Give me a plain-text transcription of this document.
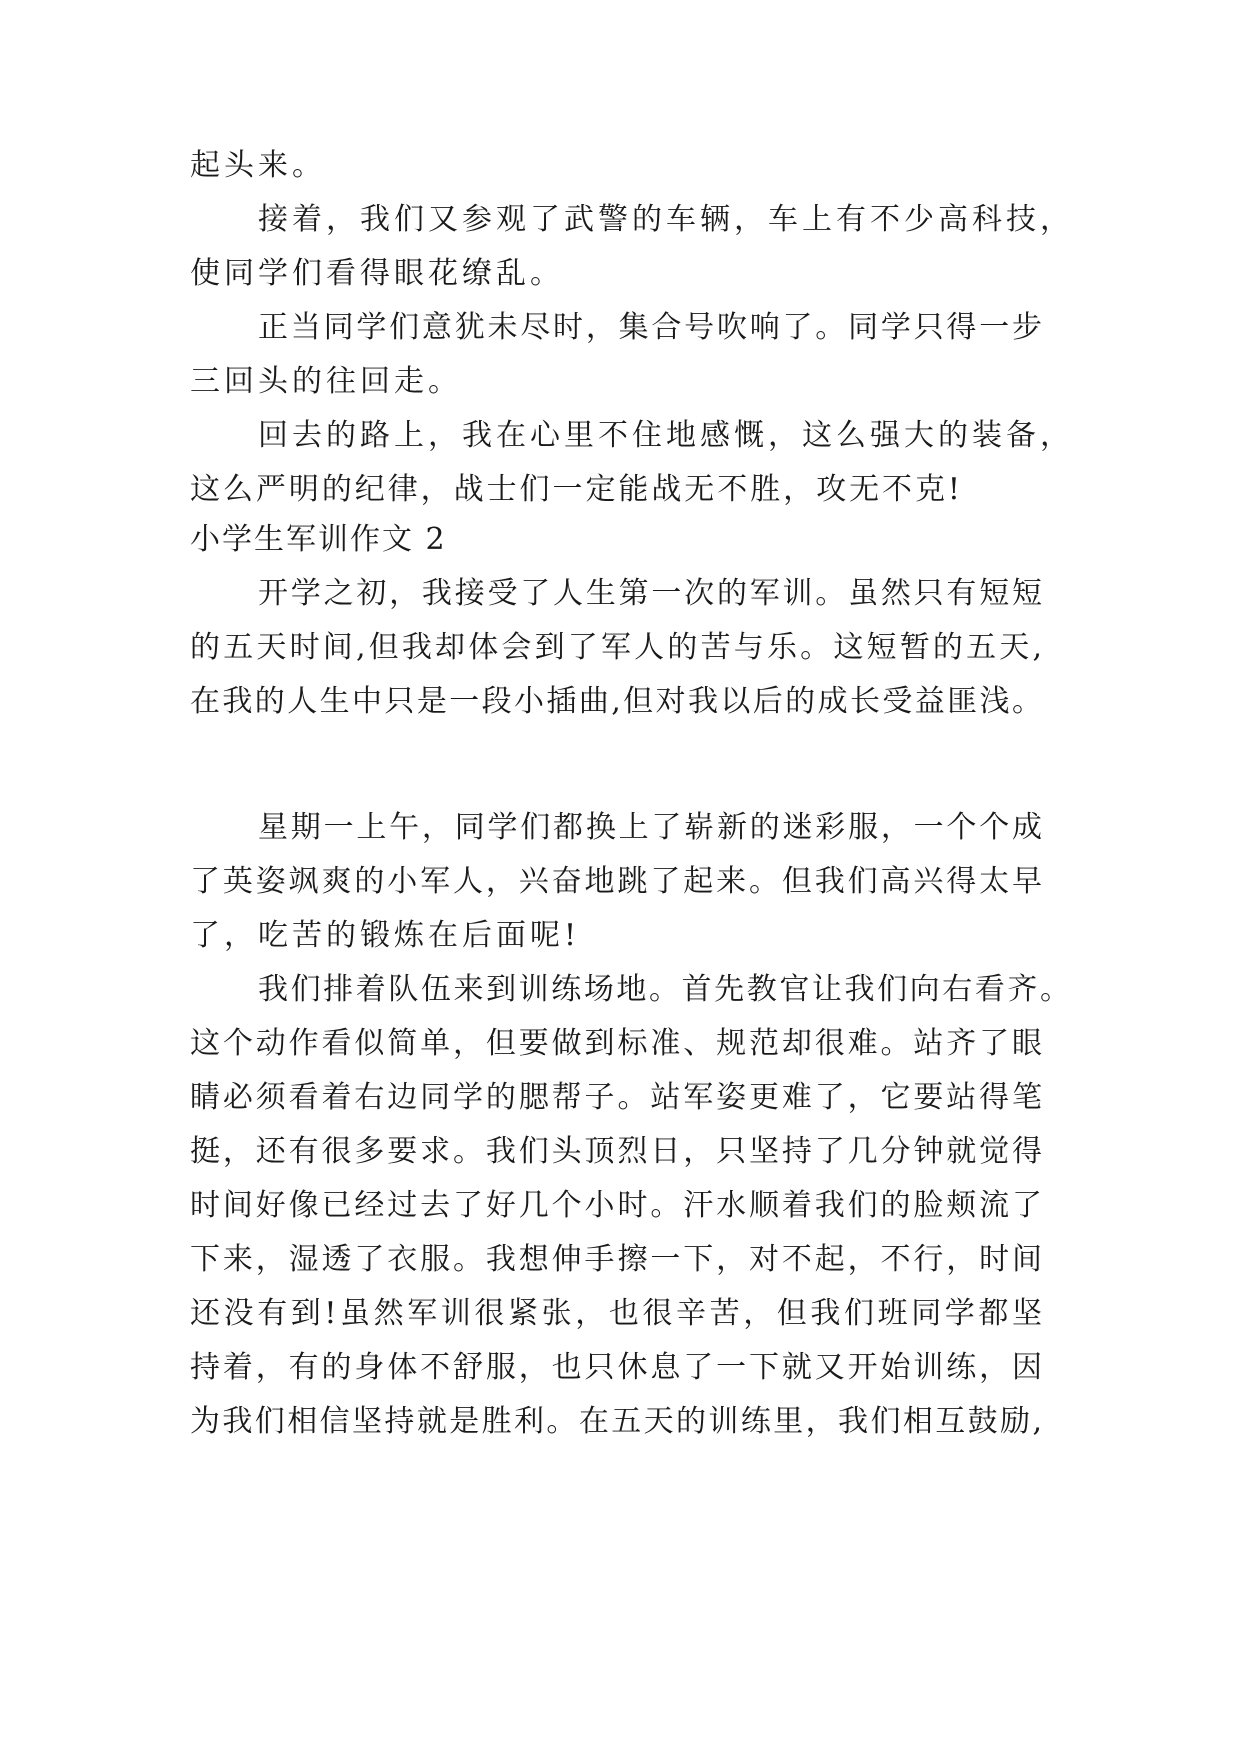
起头来。
接着，我们又参观了武警的车辆，车上有不少高科技，
使同学们看得眼花缭乱。
正当同学们意犹未尽时，集合号吹响了。同学只得一步
三回头的往回走。
回去的路上，我在心里不住地感慨，这么强大的装备，
这么严明的纪律，战士们一定能战无不胜，攻无不克!
小学生军训作文 2
开学之初，我接受了人生第一次的军训。虽然只有短短
的五天时间,但我却体会到了军人的苦与乐。这短暂的五天,
在我的人生中只是一段小插曲,但对我以后的成长受益匪浅。
星期一上午，同学们都换上了崭新的迷彩服，一个个成
了英姿飒爽的小军人，兴奋地跳了起来。但我们高兴得太早
了，吃苦的锻炼在后面呢!
我们排着队伍来到训练场地。首先教官让我们向右看齐。
这个动作看似简单，但要做到标准、规范却很难。站齐了眼
睛必须看着右边同学的腮帮子。站军姿更难了，它要站得笔
挺，还有很多要求。我们头顶烈日，只坚持了几分钟就觉得
时间好像已经过去了好几个小时。汗水顺着我们的脸颊流了
下来，湿透了衣服。我想伸手擦一下，对不起，不行，时间
还没有到!虽然军训很紧张，也很辛苦，但我们班同学都坚
持着，有的身体不舒服，也只休息了一下就又开始训练，因
为我们相信坚持就是胜利。在五天的训练里，我们相互鼓励,
